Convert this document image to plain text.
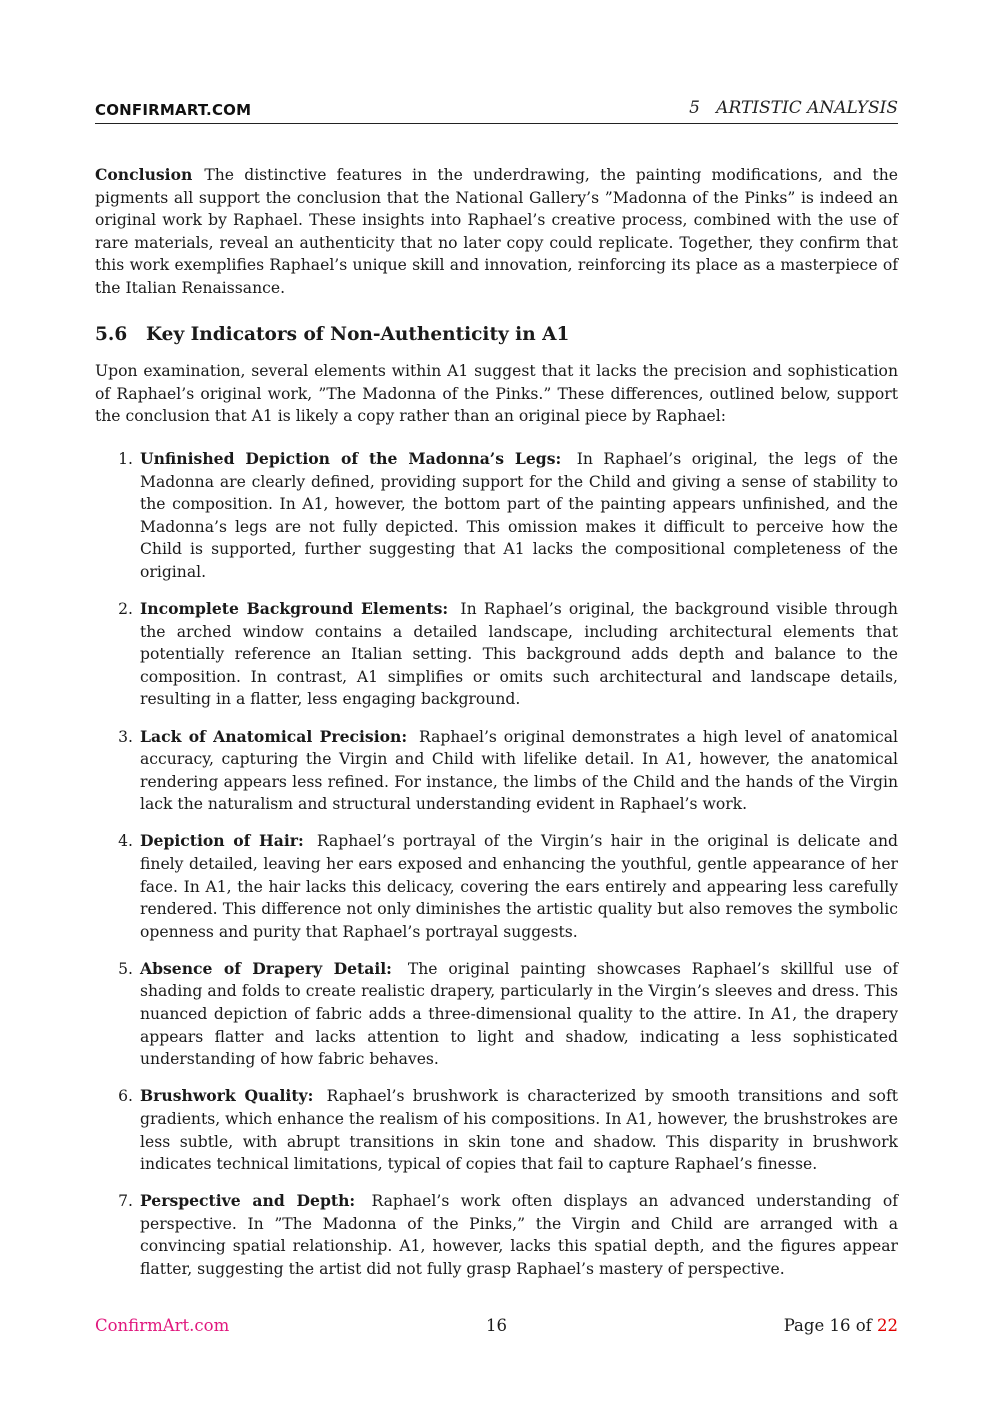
CONFIRMART.COM	5   ARTISTIC ANALYSIS

Conclusion The distinctive features in the underdrawing, the painting modifications, and the pigments all support the conclusion that the National Gallery’s ”Madonna of the Pinks” is indeed an original work by Raphael. These insights into Raphael’s creative process, combined with the use of rare materials, reveal an authenticity that no later copy could replicate. Together, they confirm that this work exemplifies Raphael’s unique skill and innovation, reinforcing its place as a masterpiece of the Italian Renaissance.

5.6 Key Indicators of Non-Authenticity in A1

Upon examination, several elements within A1 suggest that it lacks the precision and sophistication of Raphael’s original work, ”The Madonna of the Pinks.” These differences, outlined below, support the conclusion that A1 is likely a copy rather than an original piece by Raphael:

1. Unfinished Depiction of the Madonna’s Legs: In Raphael’s original, the legs of the Madonna are clearly defined, providing support for the Child and giving a sense of stability to the composition. In A1, however, the bottom part of the painting appears unfinished, and the Madonna’s legs are not fully depicted. This omission makes it difficult to perceive how the Child is supported, further suggesting that A1 lacks the compositional completeness of the original.
2. Incomplete Background Elements: In Raphael’s original, the background visible through the arched window contains a detailed landscape, including architectural elements that potentially reference an Italian setting. This background adds depth and balance to the composition. In contrast, A1 simplifies or omits such architectural and landscape details, resulting in a flatter, less engaging background.
3. Lack of Anatomical Precision: Raphael’s original demonstrates a high level of anatomical accuracy, capturing the Virgin and Child with lifelike detail. In A1, however, the anatomical rendering appears less refined. For instance, the limbs of the Child and the hands of the Virgin lack the naturalism and structural understanding evident in Raphael’s work.
4. Depiction of Hair: Raphael’s portrayal of the Virgin’s hair in the original is delicate and finely detailed, leaving her ears exposed and enhancing the youthful, gentle appearance of her face. In A1, the hair lacks this delicacy, covering the ears entirely and appearing less carefully rendered. This difference not only diminishes the artistic quality but also removes the symbolic openness and purity that Raphael’s portrayal suggests.
5. Absence of Drapery Detail: The original painting showcases Raphael’s skillful use of shading and folds to create realistic drapery, particularly in the Virgin’s sleeves and dress. This nuanced depiction of fabric adds a three-dimensional quality to the attire. In A1, the drapery appears flatter and lacks attention to light and shadow, indicating a less sophisticated understanding of how fabric behaves.
6. Brushwork Quality: Raphael’s brushwork is characterized by smooth transitions and soft gradients, which enhance the realism of his compositions. In A1, however, the brushstrokes are less subtle, with abrupt transitions in skin tone and shadow. This disparity in brushwork indicates technical limitations, typical of copies that fail to capture Raphael’s finesse.
7. Perspective and Depth: Raphael’s work often displays an advanced understanding of perspective. In ”The Madonna of the Pinks,” the Virgin and Child are arranged with a convincing spatial relationship. A1, however, lacks this spatial depth, and the figures appear flatter, suggesting the artist did not fully grasp Raphael’s mastery of perspective.
ConfirmArt.com	16	Page 16 of 22
